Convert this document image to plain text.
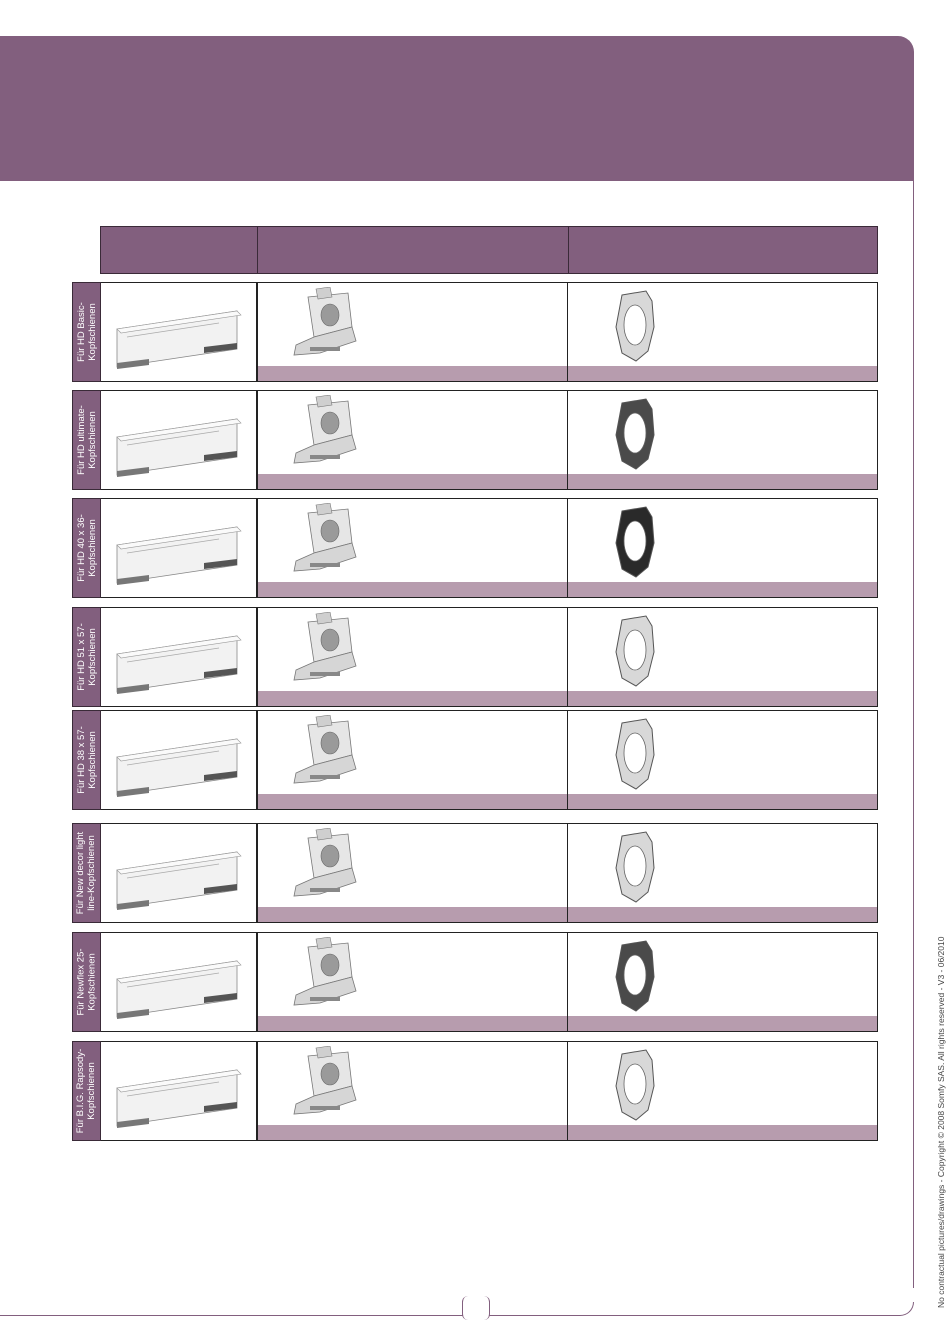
No contractual pictures/drawings - Copyright © 2008 Somfy SAS. All rights reserved - V3 - 06/2010
Für HD Basic-
Kopfschienen
Für HD ultimate-
Kopfschienen
Für HD 40 x 36-
Kopfschienen
Für HD 51 x 57-
Kopfschienen
Für HD 38 x 57-
Kopfschienen
Für New decor light
line-Kopfschienen
Für Newflex 25-
Kopfschienen
Für B.I.G. Rapsody-
Kopfschienen
